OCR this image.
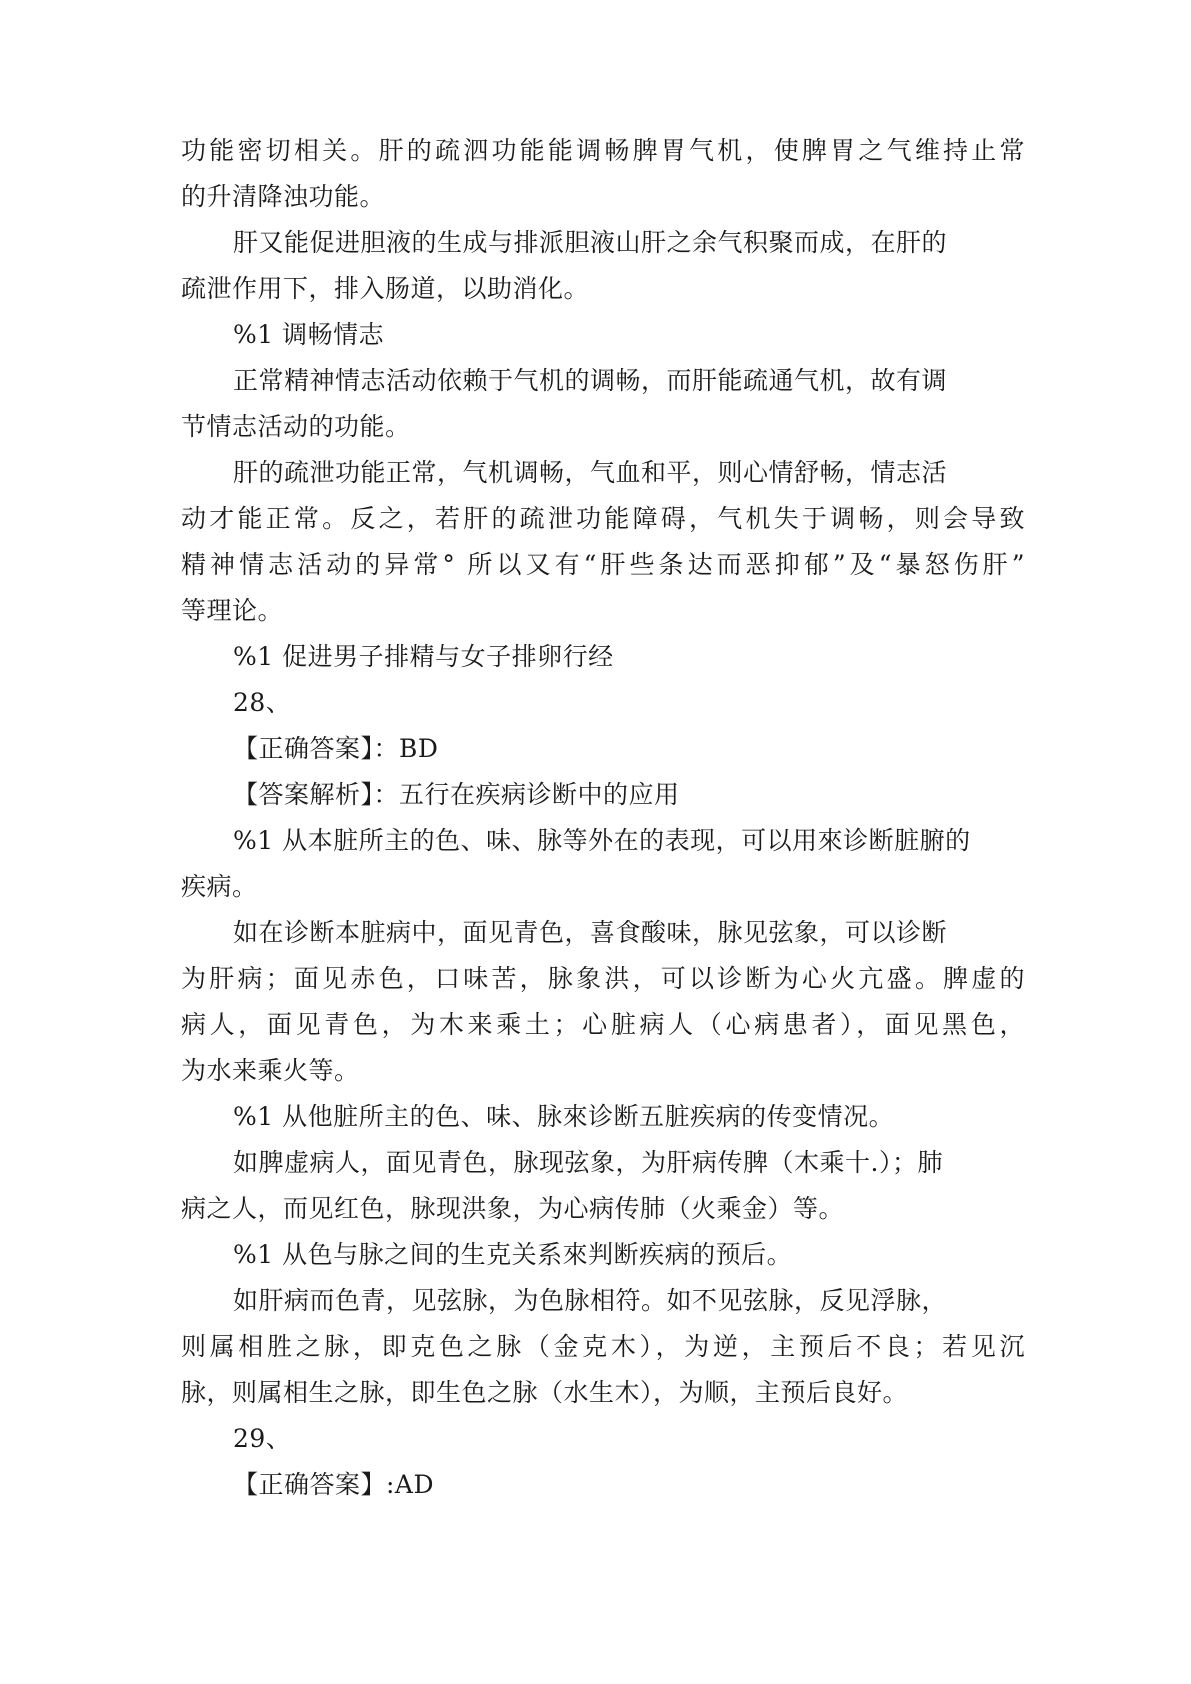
功能密切相关。肝的疏泗功能能调畅脾胃气机，使脾胃之气维持止常
的升清降浊功能。
肝又能促进胆液的生成与排派胆液山肝之余气积聚而成，在肝的
疏泄作用下，排入肠道，以助消化。
%1 调畅情志
正常精神情志活动依赖于气机的调畅，而肝能疏通气机，故有调
节情志活动的功能。
肝的疏泄功能正常，气机调畅，气血和平，则心情舒畅，情志活
动才能正常。反之，若肝的疏泄功能障碍，气机失于调畅，则会导致
精神情志活动的异常° 所以又有“肝些条达而恶抑郁”及“暴怒伤肝”
等理论。
%1 促进男子排精与女子排卵行经
28、
【正确答案】：BD
【答案解析】：五行在疾病诊断中的应用
%1 从本脏所主的色、味、脉等外在的表现，可以用來诊断脏腑的
疾病。
如在诊断本脏病中，面见青色，喜食酸味，脉见弦象，可以诊断
为肝病；面见赤色，口味苦，脉象洪，可以诊断为心火亢盛。脾虚的
病人，面见青色，为木来乘土；心脏病人（心病患者），面见黑色，
为水来乘火等。
%1 从他脏所主的色、味、脉來诊断五脏疾病的传变情况。
如脾虚病人，面见青色，脉现弦象，为肝病传脾（木乘十.）；肺
病之人，而见红色，脉现洪象，为心病传肺（火乘金）等。
%1 从色与脉之间的生克关系來判断疾病的预后。
如肝病而色青，见弦脉，为色脉相符。如不见弦脉，反见浮脉，
则属相胜之脉，即克色之脉（金克木），为逆，主预后不良；若见沉
脉，则属相生之脉，即生色之脉（水生木），为顺，主预后良好。
29、
【正确答案】:AD
